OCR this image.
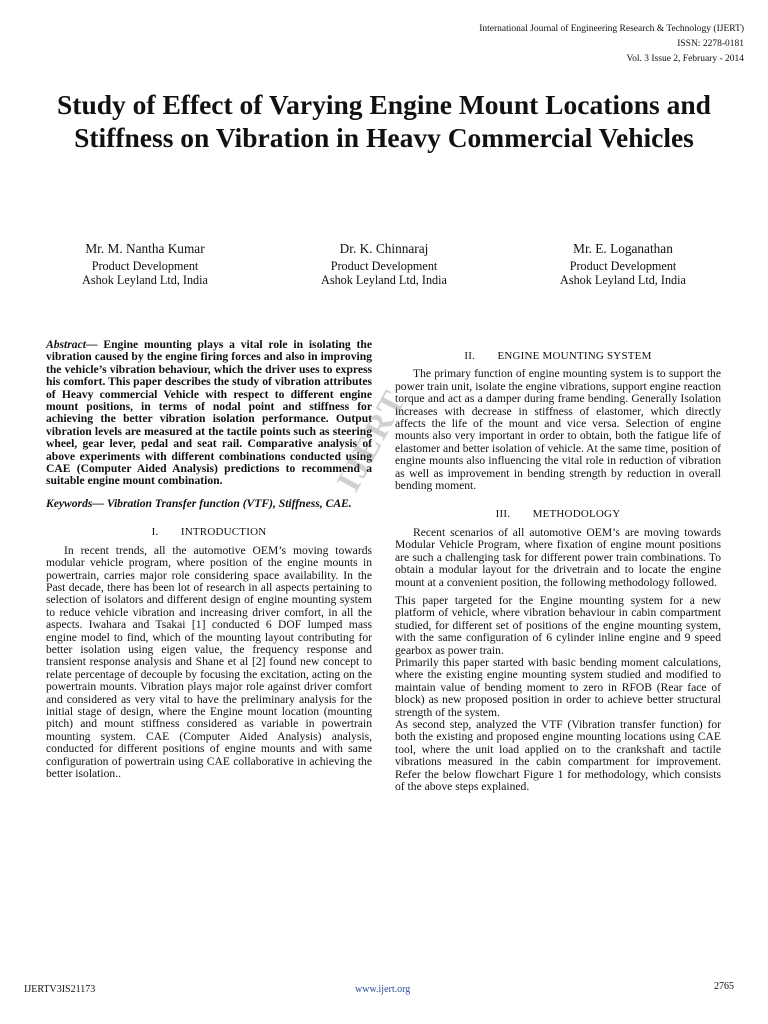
International Journal of Engineering Research & Technology (IJERT)
ISSN: 2278-0181
Vol. 3 Issue 2, February - 2014
Study of Effect of Varying Engine Mount Locations and Stiffness on Vibration in Heavy Commercial Vehicles
Mr. M. Nantha Kumar
Product Development
Ashok Leyland Ltd, India
Dr. K. Chinnaraj
Product Development
Ashok Leyland Ltd, India
Mr. E. Loganathan
Product Development
Ashok Leyland Ltd, India

Abstract— Engine mounting plays a vital role in isolating the vibration caused by the engine firing forces and also in improving the vehicle’s vibration behaviour, which the driver uses to express his comfort. This paper describes the study of vibration attributes of Heavy commercial Vehicle with respect to different engine mount positions, in terms of nodal point and stiffness for achieving the better vibration isolation performance. Output vibration levels are measured at the tactile points such as steering wheel, gear lever, pedal and seat rail. Comparative analysis of above experiments with different combinations conducted using CAE (Computer Aided Analysis) predictions to recommend a suitable engine mount combination.

Keywords— Vibration Transfer function (VTF), Stiffness, CAE.

I.  INTRODUCTION

In recent trends, all the automotive OEM’s moving towards modular vehicle program, where position of the engine mounts in powertrain, carries major role considering space availability. In the Past decade, there has been lot of research in all aspects pertaining to selection of isolators and different design of engine mounting system to reduce vehicle vibration and increasing driver comfort, in all the aspects. Iwahara and Tsakai [1] conducted 6 DOF lumped mass engine model to find, which of the mounting layout contributing for better isolation using eigen value, the frequency response and transient response analysis and Shane et al [2] found new concept to relate percentage of decouple by focusing the excitation, acting on the powertrain mounts. Vibration plays major role against driver comfort and considered as very vital to have the preliminary analysis for the initial stage of design, where the Engine mount location (mounting pitch) and mount stiffness considered as variable in powertrain mounting system. CAE (Computer Aided Analysis) analysis, conducted for different positions of engine mounts and with same configuration of powertrain using CAE collaborative in achieving the better isolation..

II.  ENGINE MOUNTING SYSTEM

The primary function of engine mounting system is to support the power train unit, isolate the engine vibrations, support engine reaction torque and act as a damper during frame bending. Generally Isolation increases with decrease in stiffness of elastomer, which directly affects the life of the mount and vice versa. Selection of engine mounts also very important in order to obtain, both the fatigue life of elastomer and better isolation of vehicle. At the same time, position of engine mounts also influencing the vital role in reduction of vibration as well as improvement in bending strength by reduction in overall bending moment.

III.  METHODOLOGY

Recent scenarios of all automotive OEM’s are moving towards Modular Vehicle Program, where fixation of engine mount positions are such a challenging task for different power train combinations. To obtain a modular layout for the drivetrain and to locate the engine mount at a convenient position, the following methodology followed.

This paper targeted for the Engine mounting system for a new platform of vehicle, where vibration behaviour in cabin compartment studied, for different set of positions of the engine mounting system, with the same configuration of 6 cylinder inline engine and 9 speed gearbox as power train.

Primarily this paper started with basic bending moment calculations, where the existing engine mounting system studied and modified to maintain value of bending moment to zero in RFOB (Rear face of block) as new proposed position in order to achieve better structural strength of the system.

As second step, analyzed the VTF (Vibration transfer function) for both the existing and proposed engine mounting locations using CAE tool, where the unit load applied on to the crankshaft and tactile vibrations measured in the cabin compartment for improvement. Refer the below flowchart Figure 1 for methodology, which consists of the above steps explained.

IJERT
IJERTV3IS21173	www.ijert.org	2765
